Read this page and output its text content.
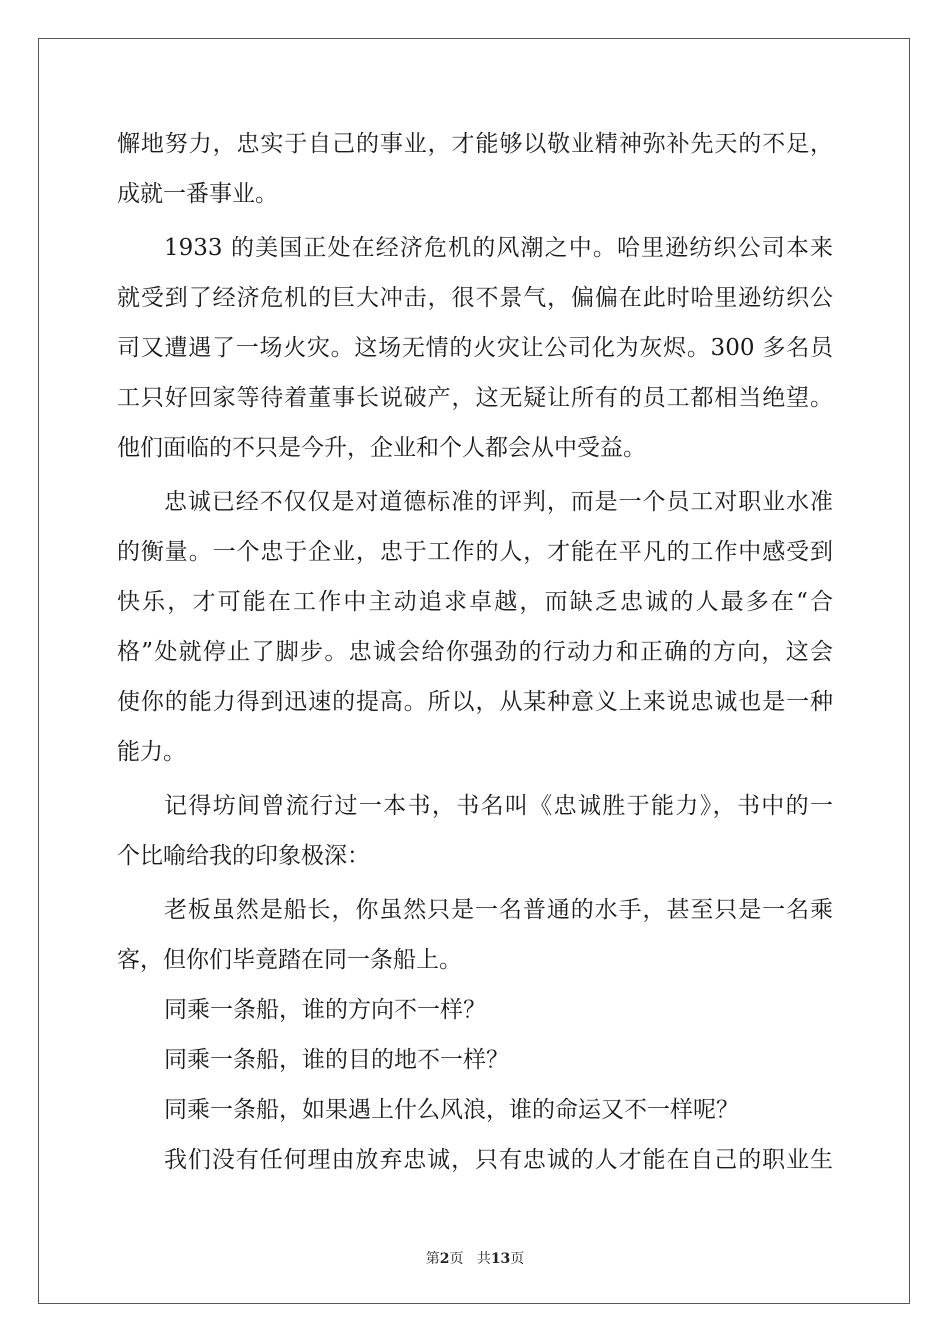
懈地努力，忠实于自己的事业，才能够以敬业精神弥补先天的不足，
成就一番事业。
1933 的美国正处在经济危机的风潮之中。哈里逊纺织公司本来
就受到了经济危机的巨大冲击，很不景气，偏偏在此时哈里逊纺织公
司又遭遇了一场火灾。这场无情的火灾让公司化为灰烬。300 多名员
工只好回家等待着董事长说破产，这无疑让所有的员工都相当绝望。
他们面临的不只是今升，企业和个人都会从中受益。
忠诚已经不仅仅是对道德标准的评判，而是一个员工对职业水准
的衡量。一个忠于企业，忠于工作的人，才能在平凡的工作中感受到
快乐，才可能在工作中主动追求卓越，而缺乏忠诚的人最多在“合
格”处就停止了脚步。忠诚会给你强劲的行动力和正确的方向，这会
使你的能力得到迅速的提高。所以，从某种意义上来说忠诚也是一种
能力。
记得坊间曾流行过一本书，书名叫《忠诚胜于能力》，书中的一
个比喻给我的印象极深：
老板虽然是船长，你虽然只是一名普通的水手，甚至只是一名乘
客，但你们毕竟踏在同一条船上。
同乘一条船，谁的方向不一样？
同乘一条船，谁的目的地不一样？
同乘一条船，如果遇上什么风浪，谁的命运又不一样呢？
我们没有任何理由放弃忠诚，只有忠诚的人才能在自己的职业生
第2页 共13页
